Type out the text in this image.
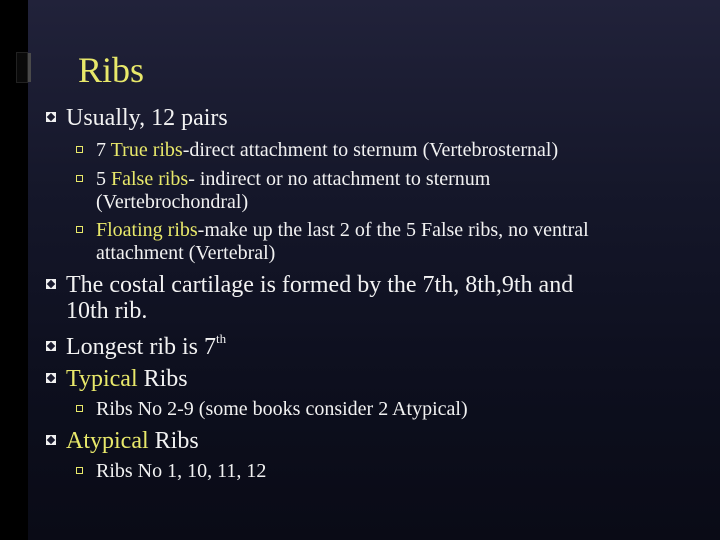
Ribs
Usually, 12 pairs
7 True ribs-direct attachment to sternum (Vertebrosternal)
5 False ribs- indirect or no attachment to sternum
(Vertebrochondral)
Floating ribs-make up the last 2 of the 5 False ribs, no ventral
attachment (Vertebral)
The costal cartilage is formed by the 7th, 8th,9th and
10th rib.
Longest rib is 7th
Typical Ribs
Ribs No 2-9 (some books consider 2 Atypical)
Atypical Ribs
Ribs No 1, 10, 11, 12
